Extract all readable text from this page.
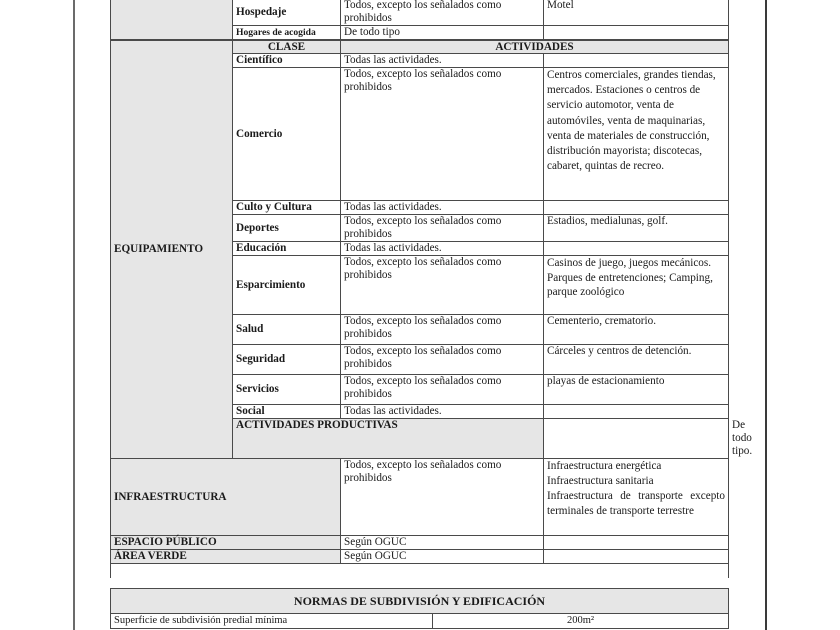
	Hospedaje	Todos, excepto los señalados como prohibidos	Motel	
	Hogares de acogida	De todo tipo		
EQUIPAMIENTO	CLASE	ACTIVIDADES		
	Científico	Todas las actividades.		
	Comercio	Todos, excepto los señalados como prohibidos	Centros comerciales, grandes tiendas, mercados. Estaciones o centros de servicio automotor, venta de automóviles, venta de maquinarias, venta de materiales de construcción, distribución mayorista; discotecas, cabaret, quintas de recreo.	
	Culto y Cultura	Todas las actividades.		
	Deportes	Todos, excepto los señalados como prohibidos	Estadios, medialunas, golf.	
	Educación	Todas las actividades.		
	Esparcimiento	Todos, excepto los señalados como prohibidos	Casinos de juego, juegos mecánicos. Parques de entretenciones; Camping, parque zoológico	
	Salud	Todos, excepto los señalados como prohibidos	Cementerio, crematorio.	
	Seguridad	Todos, excepto los señalados como prohibidos	Cárceles y centros de detención.	
	Servicios	Todos, excepto los señalados como prohibidos	playas de estacionamiento	
	Social	Todas las actividades.		
	ACTIVIDADES PRODUCTIVAS			De todo tipo.
INFRAESTRUCTURA		Todos, excepto los señalados como prohibidos	Infraestructura energética
Infraestructura sanitaria
Infraestructura de transporte excepto terminales de transporte terrestre	

ESPACIO PÚBLICO		Según OGUC		
ÁREA VERDE		Según OGUC		

NORMAS DE SUBDIVISIÓN Y EDIFICACIÓN
Superficie de subdivisión predial mínima	200m²
